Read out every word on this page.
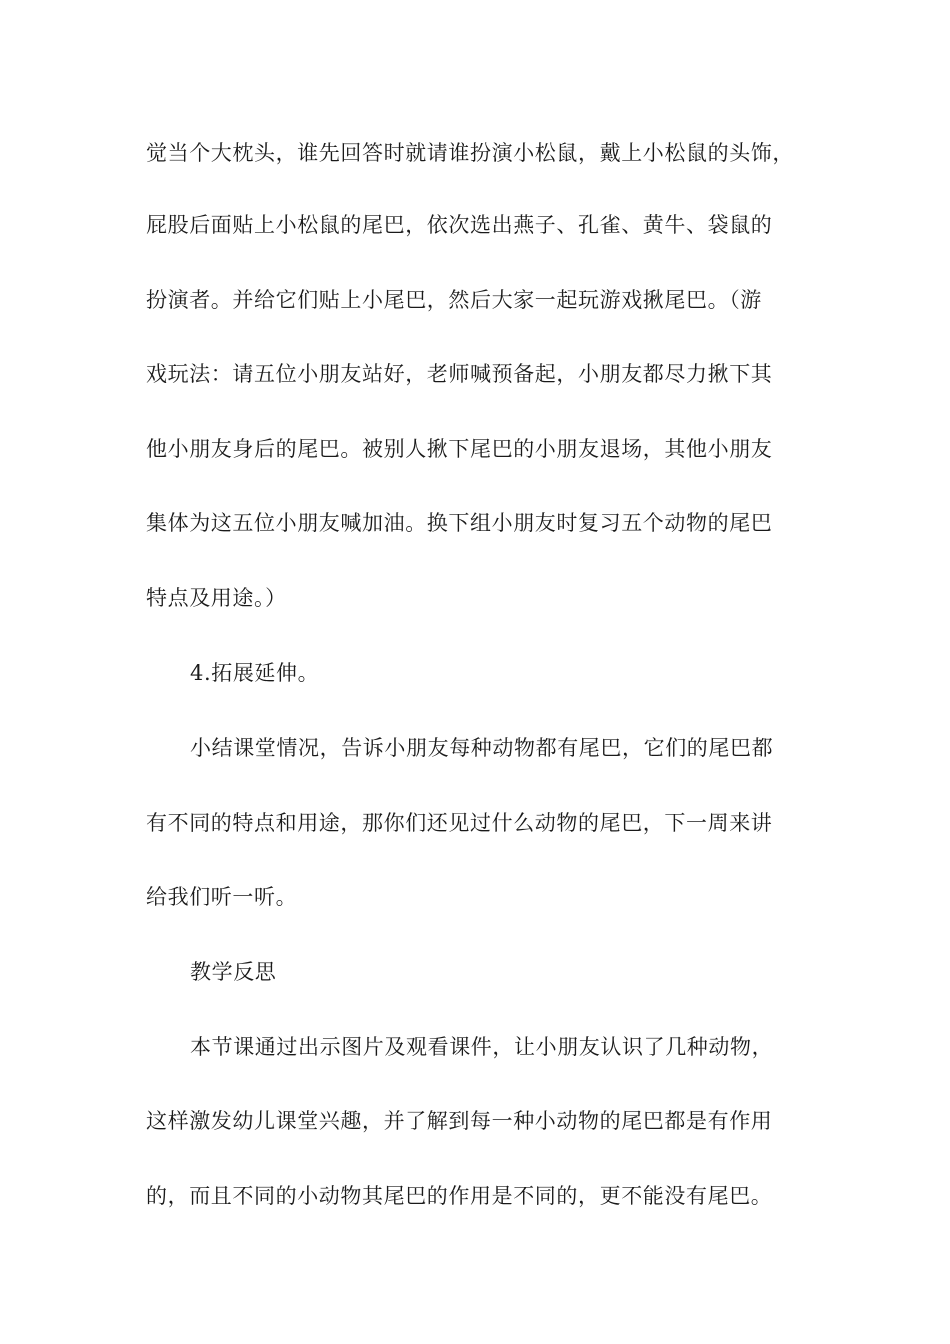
觉当个大枕头，谁先回答时就请谁扮演小松鼠，戴上小松鼠的头饰，
屁股后面贴上小松鼠的尾巴，依次选出燕子、孔雀、黄牛、袋鼠的
扮演者。并给它们贴上小尾巴，然后大家一起玩游戏揪尾巴。（游
戏玩法：请五位小朋友站好，老师喊预备起，小朋友都尽力揪下其
他小朋友身后的尾巴。被别人揪下尾巴的小朋友退场，其他小朋友
集体为这五位小朋友喊加油。换下组小朋友时复习五个动物的尾巴
特点及用途。）
4.拓展延伸。
小结课堂情况，告诉小朋友每种动物都有尾巴，它们的尾巴都
有不同的特点和用途，那你们还见过什么动物的尾巴，下一周来讲
给我们听一听。
教学反思
本节课通过出示图片及观看课件，让小朋友认识了几种动物，
这样激发幼儿课堂兴趣，并了解到每一种小动物的尾巴都是有作用
的，而且不同的小动物其尾巴的作用是不同的，更不能没有尾巴。
